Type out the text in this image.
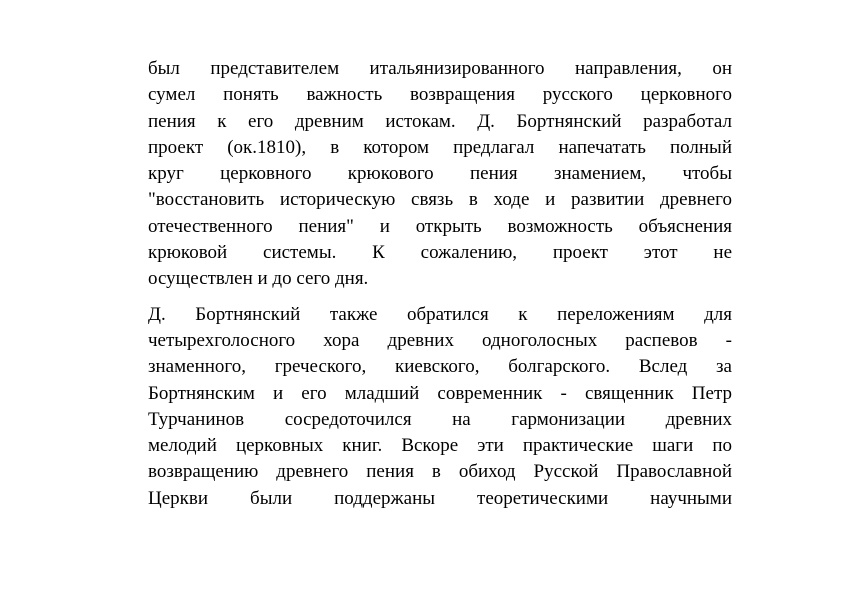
был представителем итальянизированного направления, он
сумел понять важность возвращения русского церковного
пения к его древним истокам. Д. Бортнянский разработал
проект (ок.1810), в котором предлагал напечатать полный
круг церковного крюкового пения знамением, чтобы
"восстановить историческую связь в ходе и развитии древнего
отечественного пения" и открыть возможность объяснения
крюковой системы. К сожалению, проект этот не
осуществлен и до сего дня.

Д. Бортнянский также обратился к переложениям для
четырехголосного хора древних одноголосных распевов -
знаменного, греческого, киевского, болгарского. Вслед за
Бортнянским и его младший современник - священник Петр
Турчанинов сосредоточился на гармонизации древних
мелодий церковных книг. Вскоре эти практические шаги по
возвращению древнего пения в обиход Русской Православной
Церкви были поддержаны теоретическими научными
